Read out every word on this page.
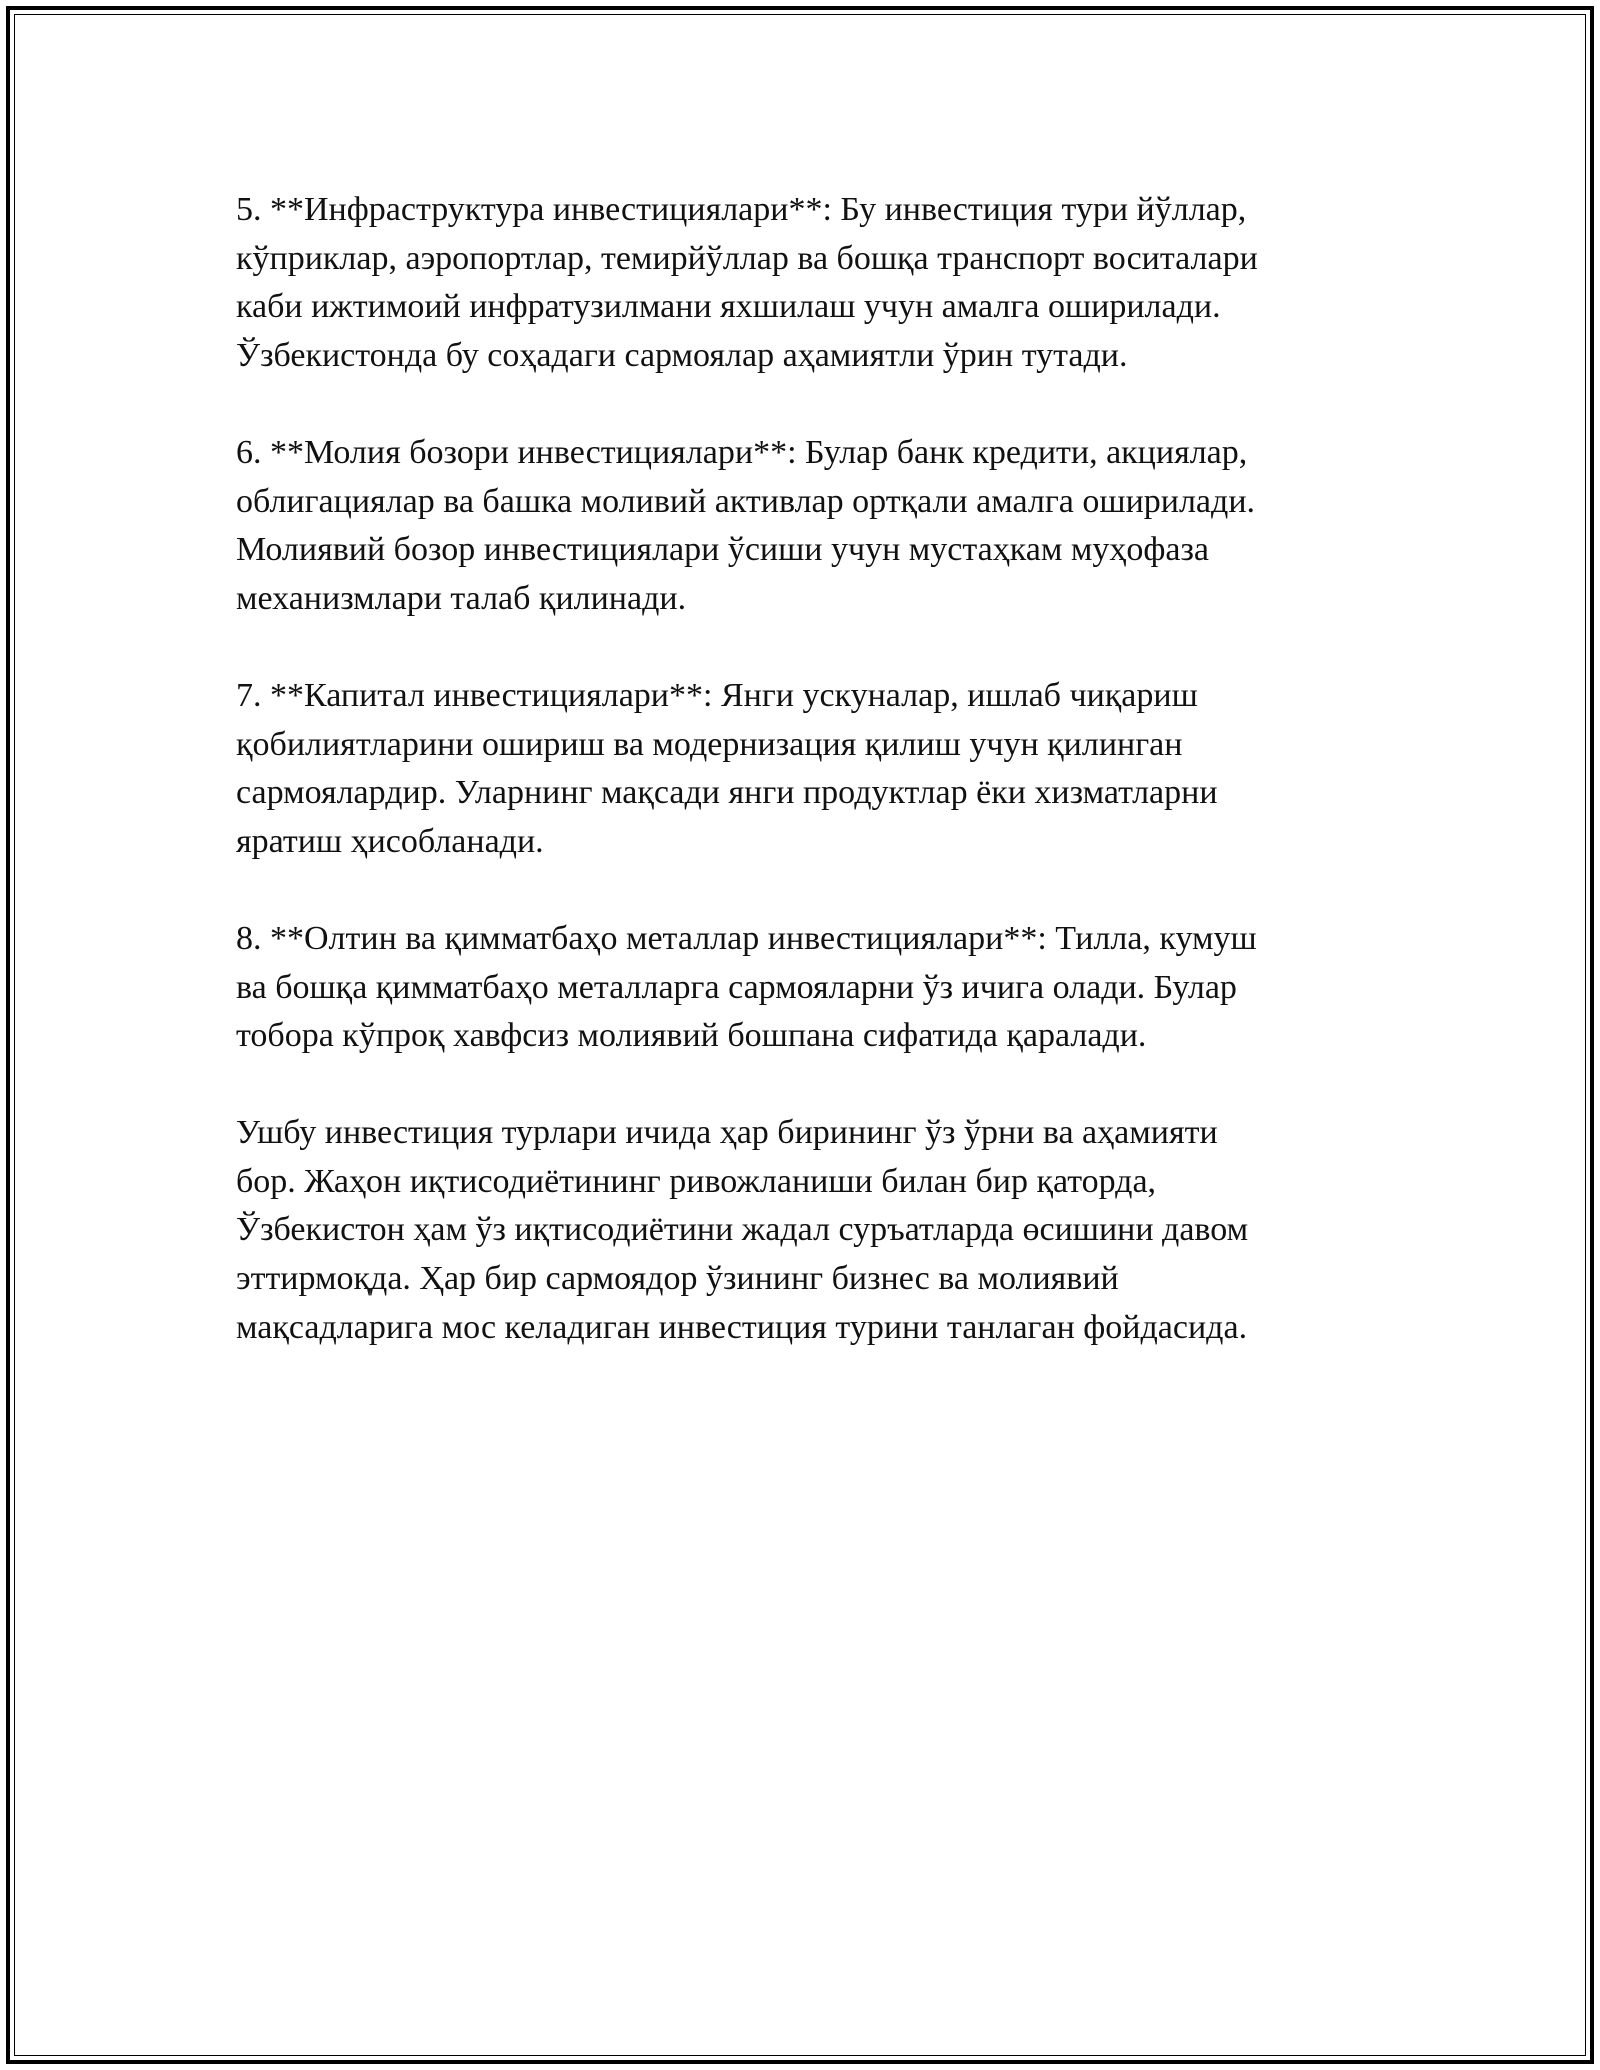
5. **Инфраструктура инвестициялари**: Бу инвестиция тури йўллар,
кўприклар, аэропортлар, темирйўллар ва бошқа транспорт воситалари
каби ижтимоий инфратузилмани яхшилаш учун амалга оширилади.
Ўзбекистонда бу соҳадаги сармоялар аҳамиятли ўрин тутади.

6. **Молия бозори инвестициялари**: Булар банк кредити, акциялар,
облигациялар ва башка моливий активлар ортқали амалга оширилади.
Молиявий бозор инвестициялари ўсиши учун мустаҳкам муҳофаза
механизмлари талаб қилинади.

7. **Капитал инвестициялари**: Янги ускуналар, ишлаб чиқариш
қобилиятларини ошириш ва модернизация қилиш учун қилинган
сармоялардир. Уларнинг мақсади янги продуктлар ёки хизматларни
яратиш ҳисобланади.

8. **Олтин ва қимматбаҳо металлар инвестициялари**: Тилла, кумуш
ва бошқа қимматбаҳо металларга сармояларни ўз ичига олади. Булар
тобора кўпроқ хавфсиз молиявий бошпана сифатида қаралади.

Ушбу инвестиция турлари ичида ҳар бирининг ўз ўрни ва аҳамияти
бор. Жаҳон иқтисодиётининг ривожланиши билан бир қаторда,
Ўзбекистон ҳам ўз иқтисодиётини жадал суръатларда өсишини давом
эттирмоқда. Ҳар бир сармоядор ўзининг бизнес ва молиявий
мақсадларига мос келадиган инвестиция турини танлаган фойдасида.
